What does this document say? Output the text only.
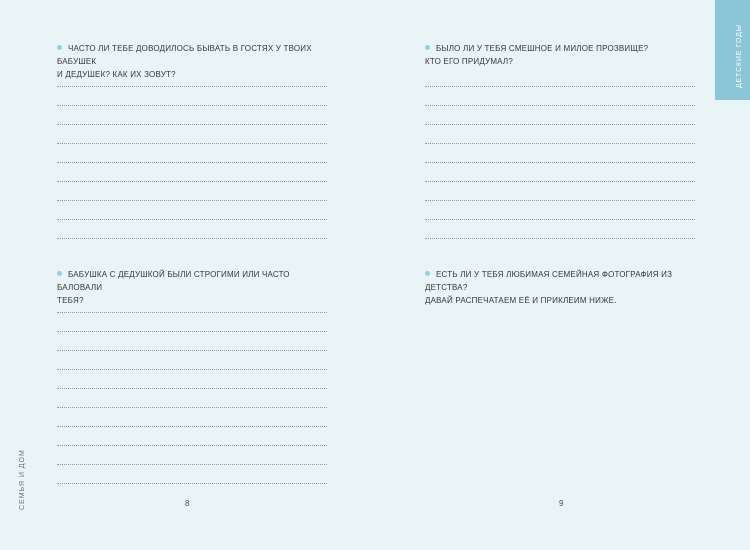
ЧАСТО ЛИ ТЕБЕ ДОВОДИЛОСЬ БЫВАТЬ В ГОСТЯХ У ТВОИХ БАБУШЕК
И ДЕДУШЕК? КАК ИХ ЗОВУТ?
БАБУШКА С ДЕДУШКОЙ БЫЛИ СТРОГИМИ ИЛИ ЧАСТО БАЛОВАЛИ
ТЕБЯ?
СЕМЬЯ И ДОМ	8
БЫЛО ЛИ У ТЕБЯ СМЕШНОЕ И МИЛОЕ ПРОЗВИЩЕ?
КТО ЕГО ПРИДУМАЛ?
ЕСТЬ ЛИ У ТЕБЯ ЛЮБИМАЯ СЕМЕЙНАЯ ФОТОГРАФИЯ ИЗ ДЕТСТВА?
ДАВАЙ РАСПЕЧАТАЕМ ЕЁ И ПРИКЛЕИМ НИЖЕ.
9
ДЕТСКИЕ ГОДЫ
